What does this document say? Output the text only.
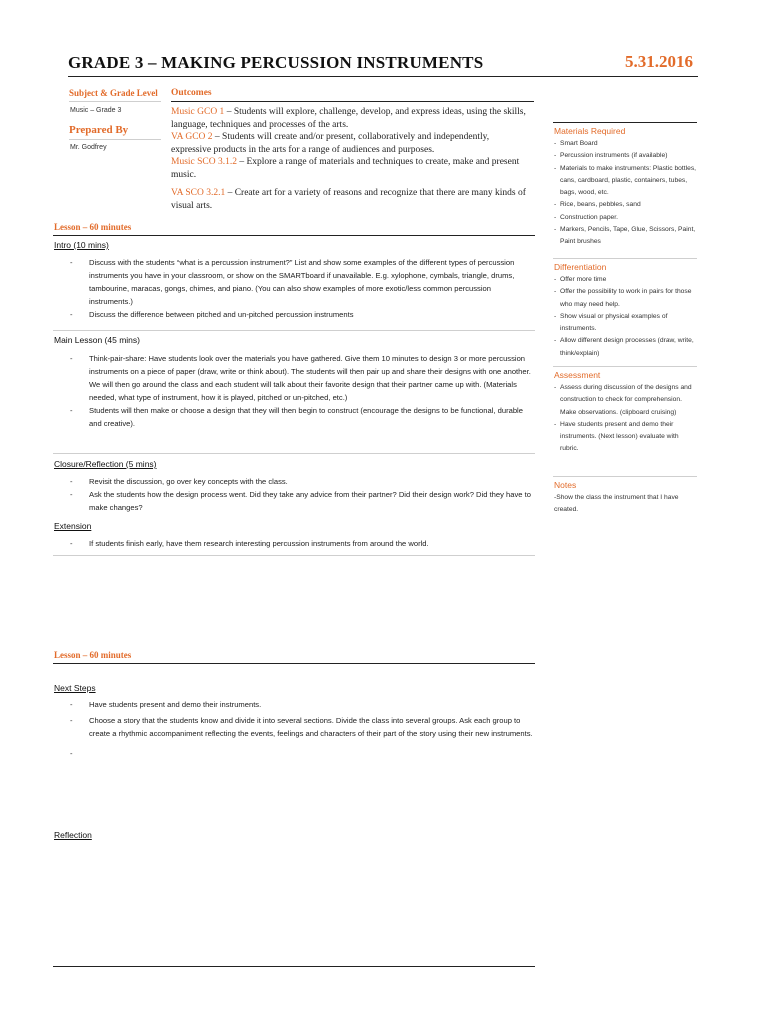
GRADE 3 – MAKING PERCUSSION INSTRUMENTS	5.31.2016
Subject & Grade Level
Music – Grade 3
Prepared By
Mr. Godfrey
Outcomes
Music GCO 1 – Students will explore, challenge, develop, and express ideas, using the skills, language, techniques and processes of the arts.
VA GCO 2 – Students will create and/or present, collaboratively and independently, expressive products in the arts for a range of audiences and purposes.
Music SCO 3.1.2 – Explore a range of materials and techniques to create, make and present music.
VA SCO 3.2.1 – Create art for a variety of reasons and recognize that there are many kinds of visual arts.
Lesson – 60 minutes
Intro (10 mins)
- Discuss with the students “what is a percussion instrument?” List and show some examples of the different types of percussion instruments you have in your classroom, or show on the SMARTboard if unavailable. E.g. xylophone, cymbals, triangle, drums, tambourine, maracas, gongs, chimes, and piano. (You can also show examples of more exotic/less common percussion instruments.)
- Discuss the difference between pitched and un-pitched percussion instruments
Main Lesson (45 mins)
- Think-pair-share: Have students look over the materials you have gathered. Give them 10 minutes to design 3 or more percussion instruments on a piece of paper (draw, write or think about). The students will then pair up and share their designs with one another. We will then go around the class and each student will talk about their favorite design that their partner came up with. (Materials needed, what type of instrument, how it is played, pitched or un-pitched, etc.)
- Students will then make or choose a design that they will then begin to construct (encourage the designs to be functional, durable and creative).
Closure/Reflection (5 mins)
- Revisit the discussion, go over key concepts with the class.
- Ask the students how the design process went. Did they take any advice from their partner? Did their design work? Did they have to make changes?
Extension
- If students finish early, have them research interesting percussion instruments from around the world.
Lesson – 60 minutes
Next Steps
- Have students present and demo their instruments.
- Choose a story that the students know and divide it into several sections. Divide the class into several groups. Ask each group to create a rhythmic accompaniment reflecting the events, feelings and characters of their part of the story using their new instruments.
Reflection
Materials Required
- Smart Board
- Percussion instruments (if available)
- Materials to make instruments: Plastic bottles, cans, cardboard, plastic, containers, tubes, bags, wood, etc.
- Rice, beans, pebbles, sand
- Construction paper.
- Markers, Pencils, Tape, Glue, Scissors, Paint, Paint brushes
Differentiation
- Offer more time
- Offer the possibility to work in pairs for those who may need help.
- Show visual or physical examples of instruments.
- Allow different design processes (draw, write, think/explain)
Assessment
- Assess during discussion of the designs and construction to check for comprehension. Make observations. (clipboard cruising)
- Have students present and demo their instruments. (Next lesson) evaluate with rubric.
Notes
-Show the class the instrument that I have created.
